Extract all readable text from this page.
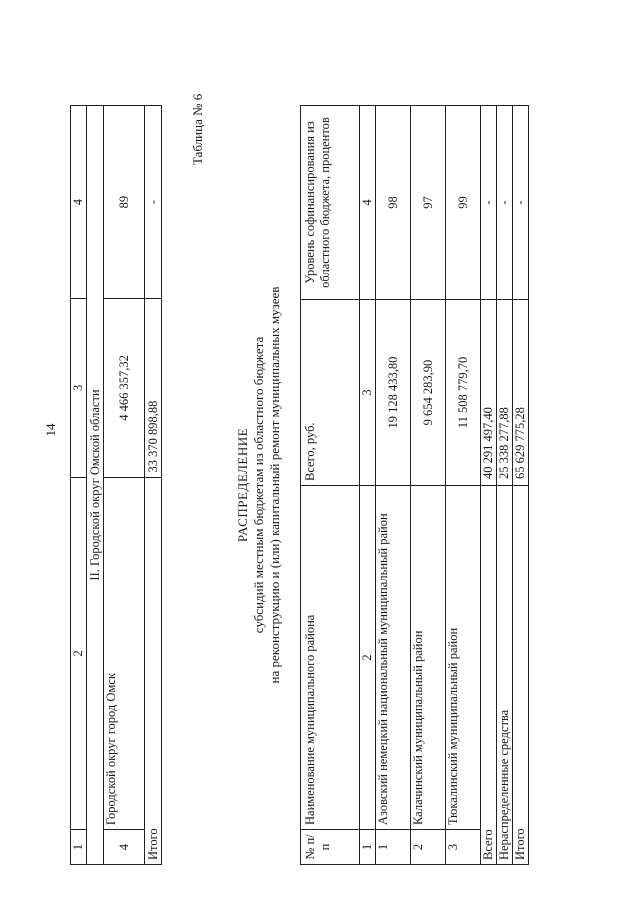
14
1	2	3	4
II. Городской округ Омской области			
4	Городской округ город Омск	4 466 357,32	89
Итого		33 370 898,88	-
Таблица № 6
РАСПРЕДЕЛЕНИЕ субсидий местным бюджетам из областного бюджета на реконструкцию и (или) капитальный ремонт муниципальных музеев
№ п/п	Наименование муниципального района	Всего, руб.	Уровень софинансирования из областного бюджета, процентов
1	2	3	4
1	Азовский немецкий национальный муниципальный район	19 128 433,80	98
2	Калачинский муниципальный район	9 654 283,90	97
3	Тюкалинский муниципальный район	11 508 779,70	99
Всего		40 291 497,40	-
Нераспределенные средства		25 338 277,88	-
Итого		65 629 775,28	-
